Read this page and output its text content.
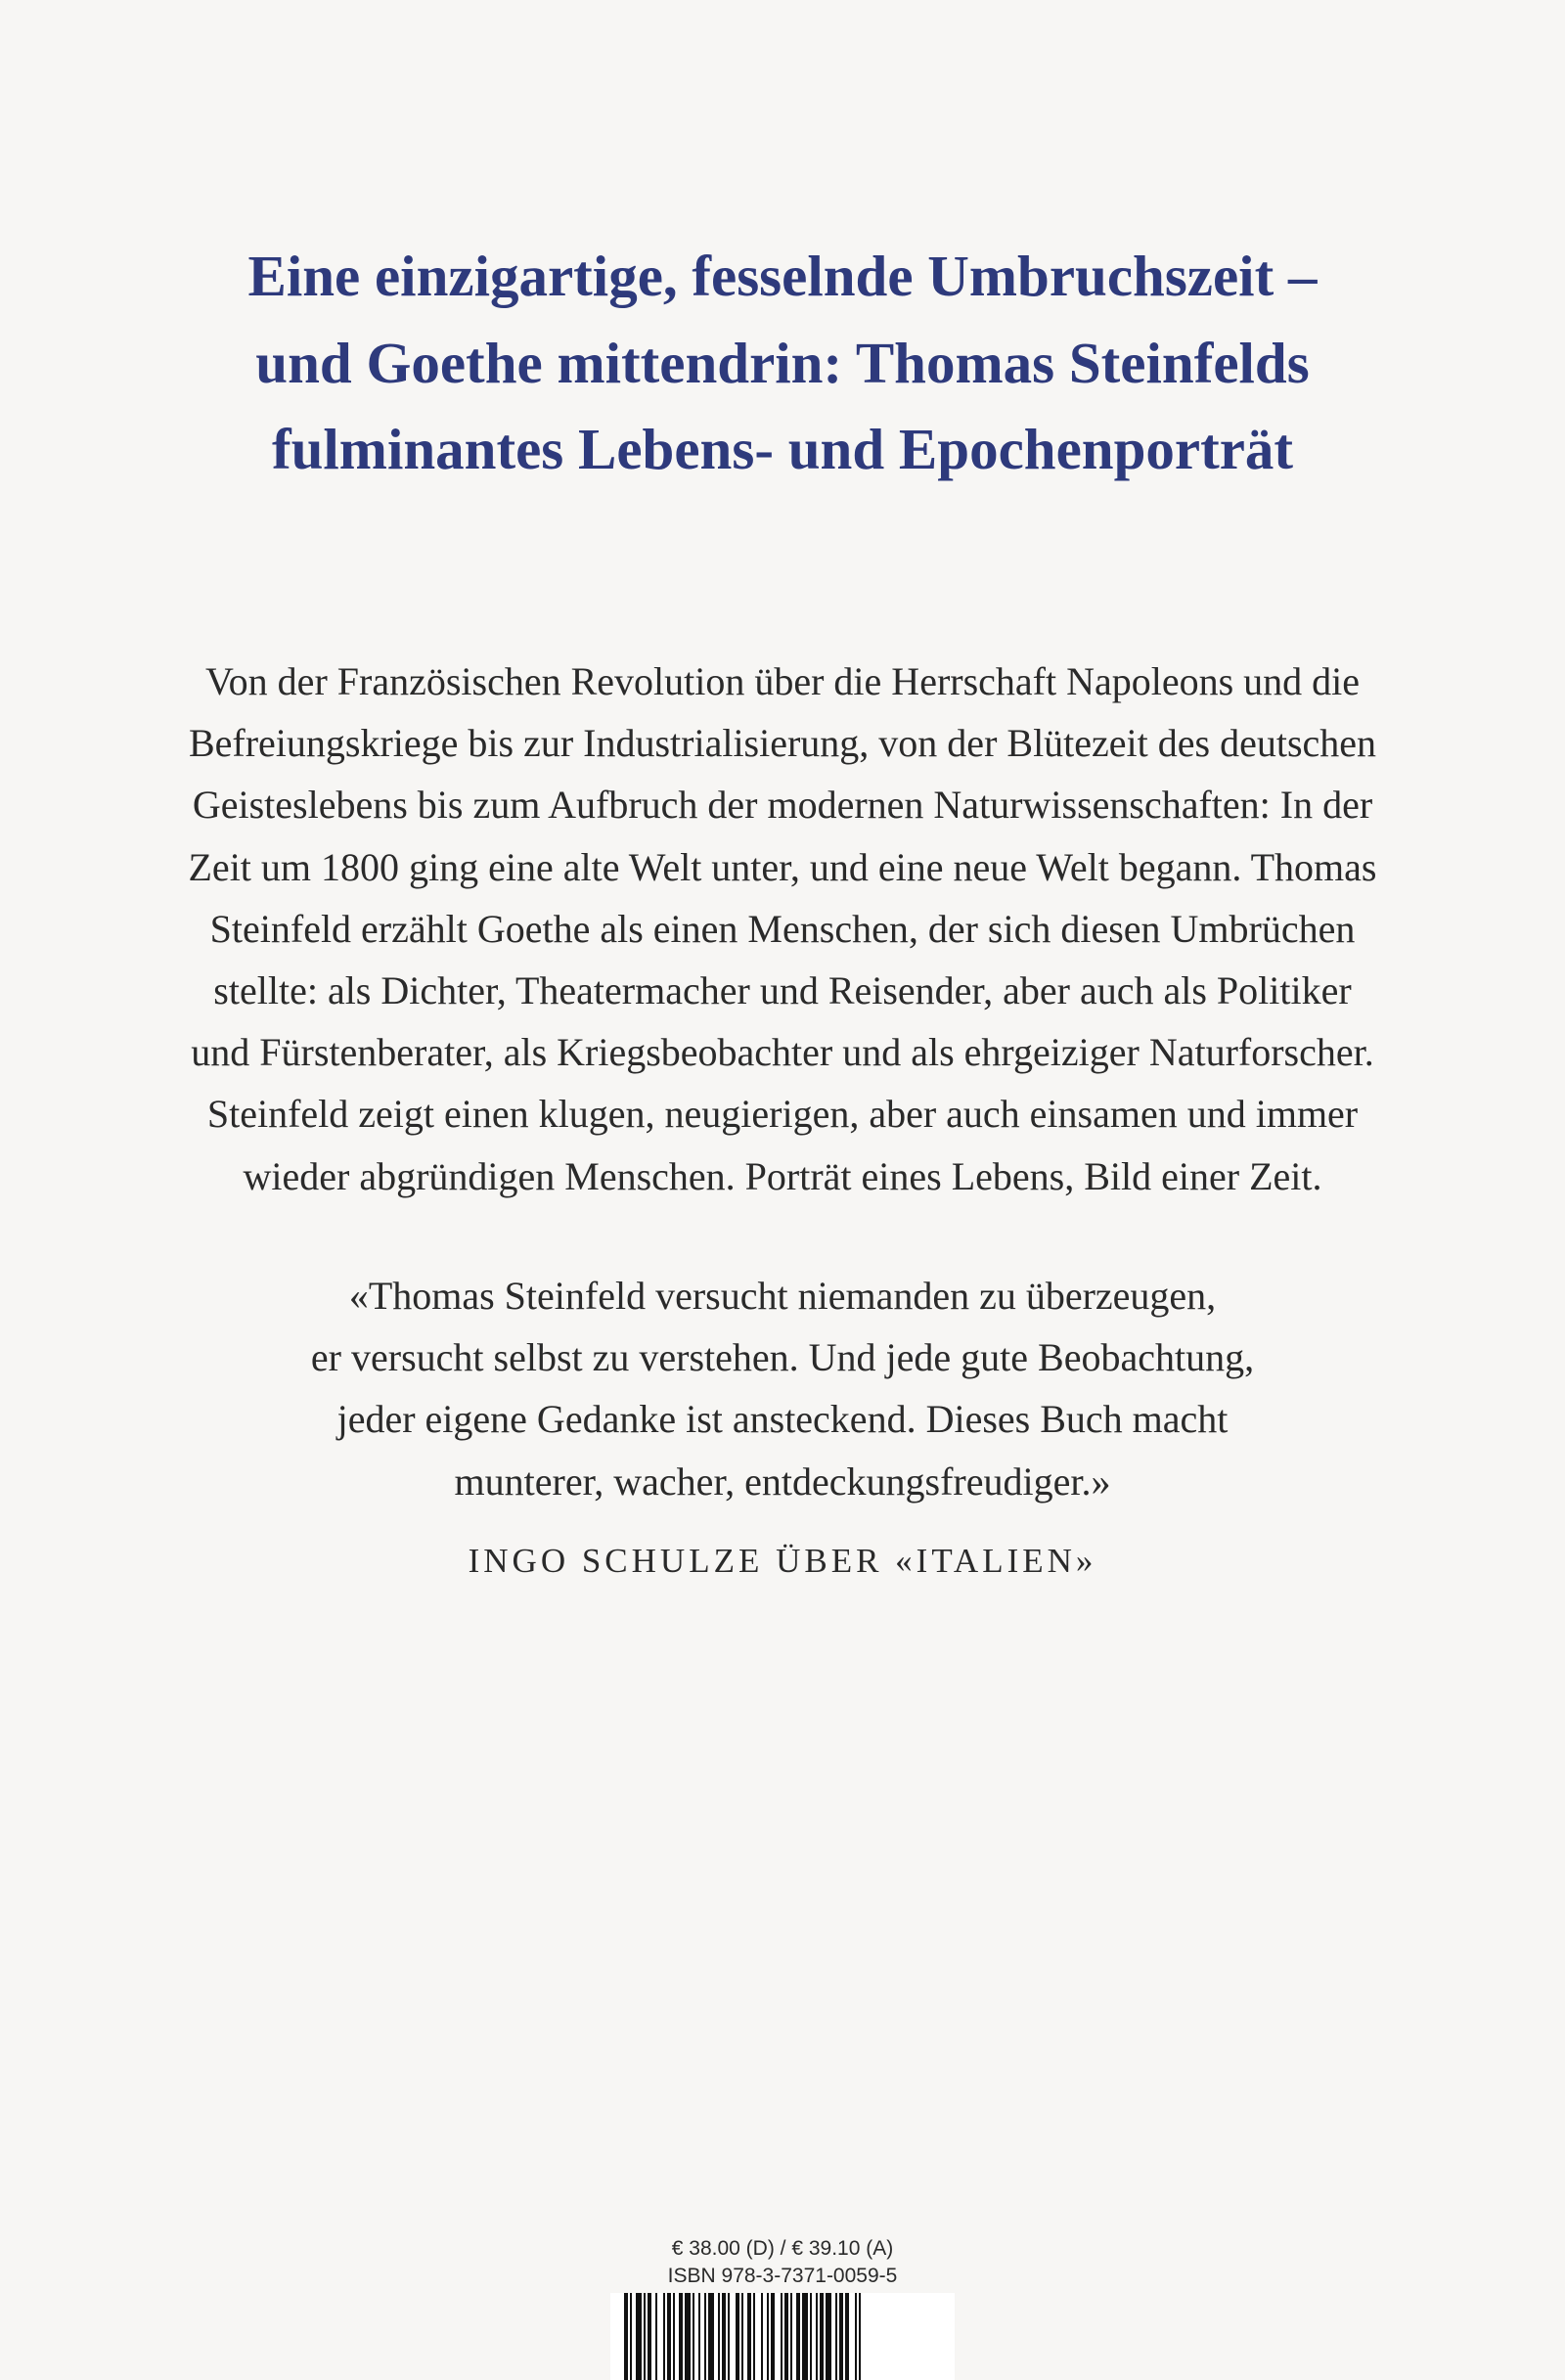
Eine einzigartige, fesselnde Umbruchszeit –
und Goethe mittendrin: Thomas Steinfelds
fulminantes Lebens- und Epochenporträt
Von der Französischen Revolution über die Herrschaft Napoleons und die
Befreiungskriege bis zur Industrialisierung, von der Blütezeit des deutschen
Geisteslebens bis zum Aufbruch der modernen Naturwissenschaften: In der
Zeit um 1800 ging eine alte Welt unter, und eine neue Welt begann. Thomas
Steinfeld erzählt Goethe als einen Menschen, der sich diesen Umbrüchen
stellte: als Dichter, Theatermacher und Reisender, aber auch als Politiker
und Fürstenberater, als Kriegsbeobachter und als ehrgeiziger Naturforscher.
Steinfeld zeigt einen klugen, neugierigen, aber auch einsamen und immer
wieder abgründigen Menschen. Porträt eines Lebens, Bild einer Zeit.
«Thomas Steinfeld versucht niemanden zu überzeugen,
er versucht selbst zu verstehen. Und jede gute Beobachtung,
jeder eigene Gedanke ist ansteckend. Dieses Buch macht
munterer, wacher, entdeckungsfreudiger.»
INGO SCHULZE ÜBER «ITALIEN»
€ 38.00 (D) / € 39.10 (A)
ISBN 978-3-7371-0059-5
